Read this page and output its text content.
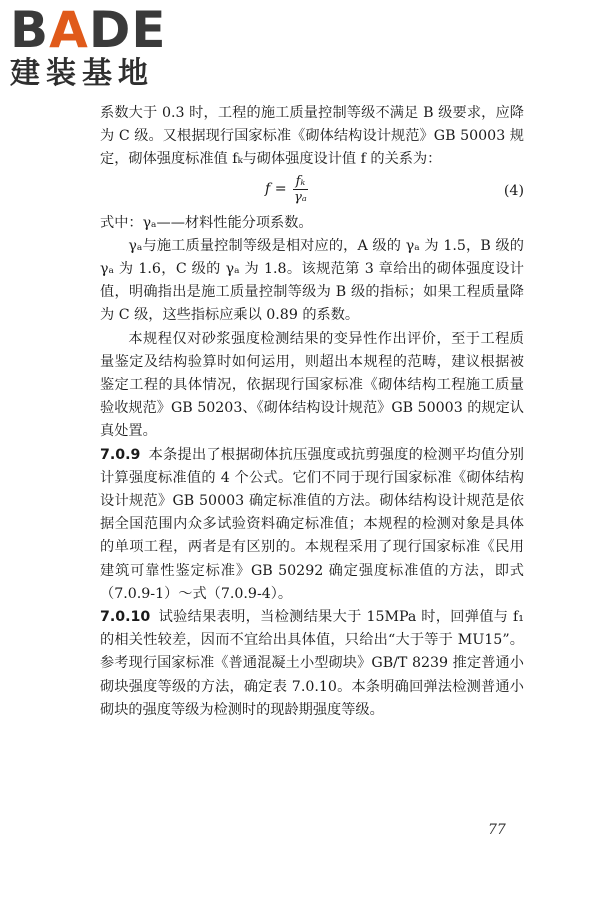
BADE
建装基地

系数大于 0.3 时，工程的施工质量控制等级不满足 B 级要求，应降为 C 级。又根据现行国家标准《砌体结构设计规范》GB 50003 规定，砌体强度标准值 fₖ与砌体强度设计值 f 的关系为：

$f = \frac{\text{fₖ}}{\text{γₐ}}$	(4)

式中：γₐ——材料性能分项系数。

γₐ与施工质量控制等级是相对应的，A 级的 γₐ 为 1.5，B 级的 γₐ 为 1.6，C 级的 γₐ 为 1.8。该规范第 3 章给出的砌体强度设计值，明确指出是施工质量控制等级为 B 级的指标；如果工程质量降为 C 级，这些指标应乘以 0.89 的系数。

本规程仅对砂浆强度检测结果的变异性作出评价，至于工程质量鉴定及结构验算时如何运用，则超出本规程的范畴，建议根据被鉴定工程的具体情况，依据现行国家标准《砌体结构工程施工质量验收规范》GB 50203、《砌体结构设计规范》GB 50003 的规定认真处置。

7.0.9 本条提出了根据砌体抗压强度或抗剪强度的检测平均值分别计算强度标准值的 4 个公式。它们不同于现行国家标准《砌体结构设计规范》GB 50003 确定标准值的方法。砌体结构设计规范是依据全国范围内众多试验资料确定标准值；本规程的检测对象是具体的单项工程，两者是有区别的。本规程采用了现行国家标准《民用建筑可靠性鉴定标准》GB 50292 确定强度标准值的方法，即式（7.0.9-1）～式（7.0.9-4）。

7.0.10 试验结果表明，当检测结果大于 15MPa 时，回弹值与 f₁ 的相关性较差，因而不宜给出具体值，只给出“大于等于 MU15”。参考现行国家标准《普通混凝土小型砌块》GB/T 8239 推定普通小砌块强度等级的方法，确定表 7.0.10。本条明确回弹法检测普通小砌块的强度等级为检测时的现龄期强度等级。

77
